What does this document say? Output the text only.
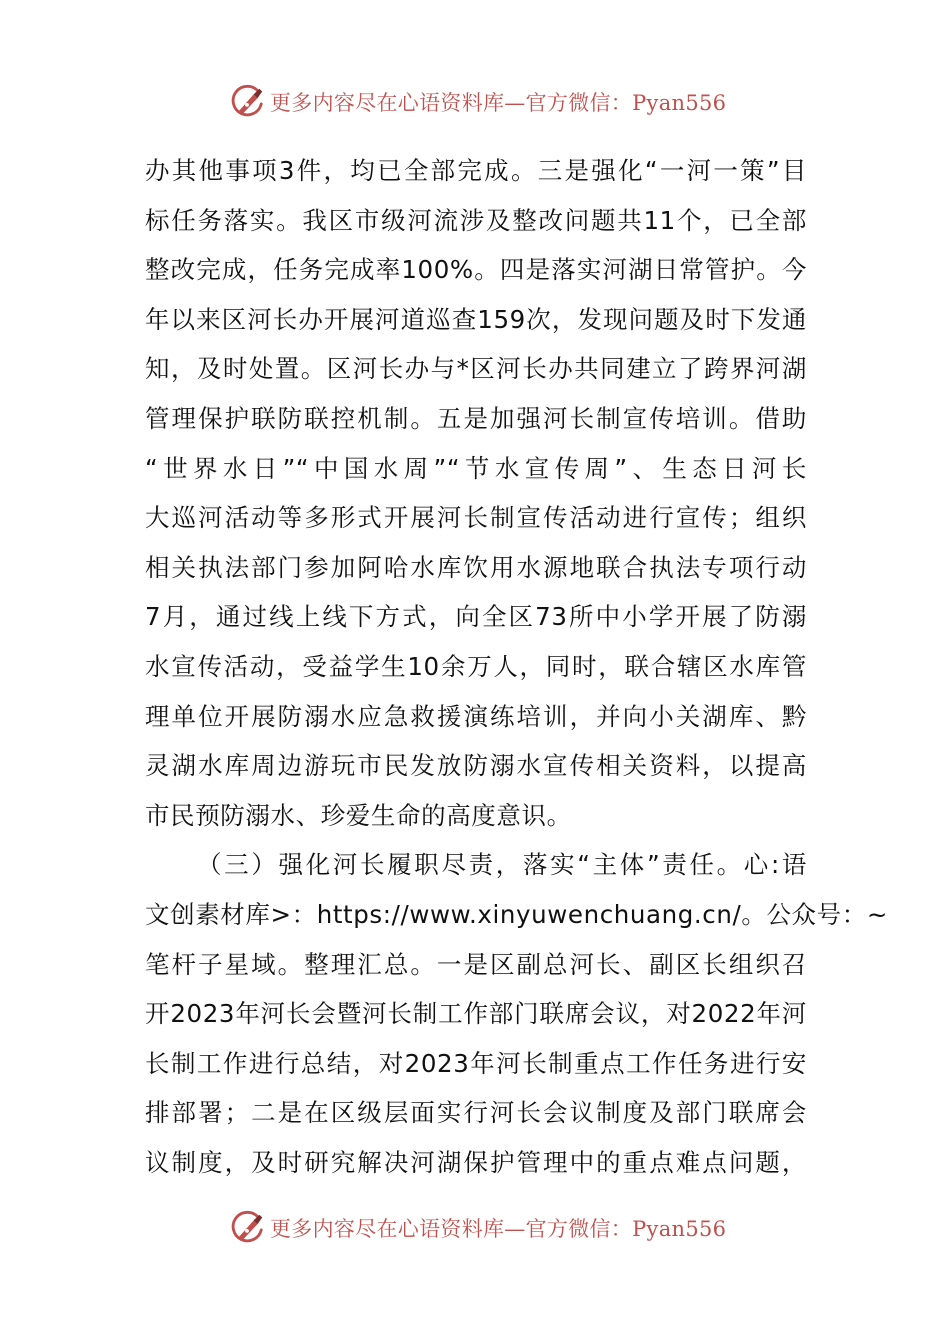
更多内容尽在心语资料库—官方微信：Pyan556
办其他事项3件，均已全部完成。三是强化“一河一策”目
标任务落实。我区市级河流涉及整改问题共11个，已全部
整改完成，任务完成率100%。四是落实河湖日常管护。今
年以来区河长办开展河道巡查159次，发现问题及时下发通
知，及时处置。区河长办与*区河长办共同建立了跨界河湖
管理保护联防联控机制。五是加强河长制宣传培训。借助
“世界水日”“中国水周”“节水宣传周”、生态日河长
大巡河活动等多形式开展河长制宣传活动进行宣传；组织
相关执法部门参加阿哈水库饮用水源地联合执法专项行动
7月，通过线上线下方式，向全区73所中小学开展了防溺
水宣传活动，受益学生10余万人，同时，联合辖区水库管
理单位开展防溺水应急救援演练培训，并向小关湖库、黔
灵湖水库周边游玩市民发放防溺水宣传相关资料，以提高
市民预防溺水、珍爱生命的高度意识。
（三）强化河长履职尽责，落实“主体”责任。心:语
文创素材库>：https://www.xinyuwenchuang.cn/。公众号：~
笔杆子星域。整理汇总。一是区副总河长、副区长组织召
开2023年河长会暨河长制工作部门联席会议，对2022年河
长制工作进行总结，对2023年河长制重点工作任务进行安
排部署；二是在区级层面实行河长会议制度及部门联席会
议制度，及时研究解决河湖保护管理中的重点难点问题，
更多内容尽在心语资料库—官方微信：Pyan556
